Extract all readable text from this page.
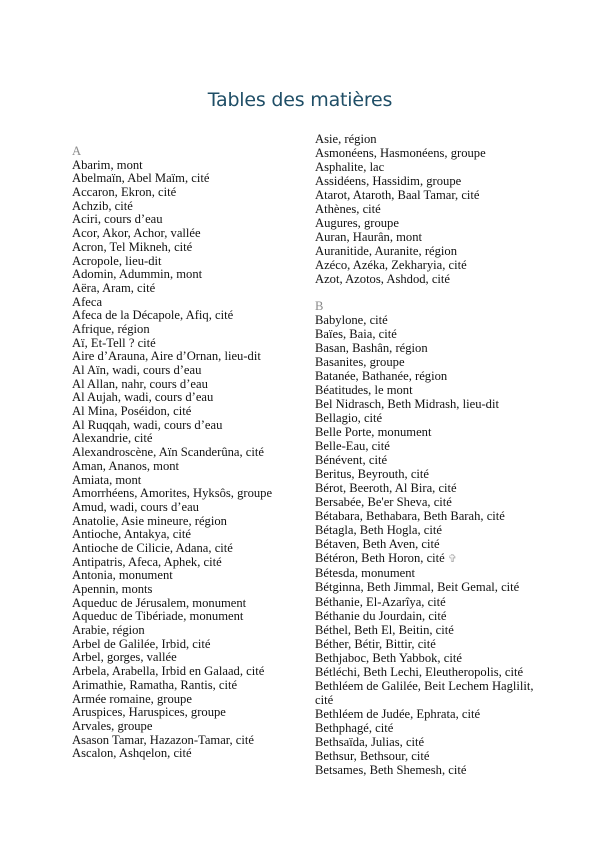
Tables des matières
A
Abarim, mont
Abelmaïn, Abel Maïm, cité
Accaron, Ekron, cité
Achzib, cité
Aciri, cours d’eau
Acor, Akor, Achor, vallée
Acron, Tel Mikneh, cité
Acropole, lieu-dit
Adomin, Adummin, mont
Aëra, Aram, cité
Afeca
Afeca de la Décapole, Afiq, cité
Afrique, région
Aï, Et-Tell ? cité
Aire d’Arauna, Aire d’Ornan, lieu-dit
Al Aïn, wadi, cours d’eau
Al Allan, nahr, cours d’eau
Al Aujah, wadi, cours d’eau
Al Mina, Poséidon, cité
Al Ruqqah, wadi, cours d’eau
Alexandrie, cité
Alexandroscène, Aïn Scanderûna, cité
Aman, Ananos, mont
Amiata, mont
Amorrhéens, Amorites, Hyksôs, groupe
Amud, wadi, cours d’eau
Anatolie, Asie mineure, région
Antioche, Antakya, cité
Antioche de Cilicie, Adana, cité
Antipatris, Afeca, Aphek, cité
Antonia, monument
Apennin, monts
Aqueduc de Jérusalem, monument
Aqueduc de Tibériade, monument
Arabie, région
Arbel de Galilée, Irbid, cité
Arbel, gorges, vallée
Arbela, Arabella, Irbid en Galaad, cité
Arimathie, Ramatha, Rantis, cité
Armée romaine, groupe
Aruspices, Haruspices, groupe
Arvales, groupe
Asason Tamar, Hazazon-Tamar, cité
Ascalon, Ashqelon, cité
Asie, région
Asmonéens, Hasmonéens, groupe
Asphalite, lac
Assidéens, Hassidim, groupe
Atarot, Ataroth, Baal Tamar, cité
Athènes, cité
Augures, groupe
Auran, Haurân, mont
Auranitide, Auranite, région
Azéco, Azéka, Zekharyia, cité
Azot, Azotos, Ashdod, cité
B
Babylone, cité
Baïes, Baia, cité
Basan, Bashân, région
Basanites, groupe
Batanée, Bathanée, région
Béatitudes, le mont
Bel Nidrasch, Beth Midrash, lieu-dit
Bellagio, cité
Belle Porte, monument
Belle-Eau, cité
Bénévent, cité
Beritus, Beyrouth, cité
Bérot, Beeroth, Al Bira, cité
Bersabée, Be'er Sheva, cité
Bétabara, Bethabara, Beth Barah, cité
Bétagla, Beth Hogla, cité
Bétaven, Beth Aven, cité
Bétéron, Beth Horon, cité ✞
Bétesda, monument
Bétginna, Beth Jimmal, Beit Gemal, cité
Béthanie, El-Azarîya, cité
Béthanie du Jourdain, cité
Béthel, Beth El, Beitin, cité
Béther, Bétir, Bittir, cité
Bethjaboc, Beth Yabbok, cité
Bétléchi, Beth Lechi, Eleutheropolis, cité
Bethléem de Galilée, Beit Lechem Haglilit,
cité
Bethléem de Judée, Ephrata, cité
Bethphagé, cité
Bethsaïda, Julias, cité
Bethsur, Bethsour, cité
Betsames, Beth Shemesh, cité
